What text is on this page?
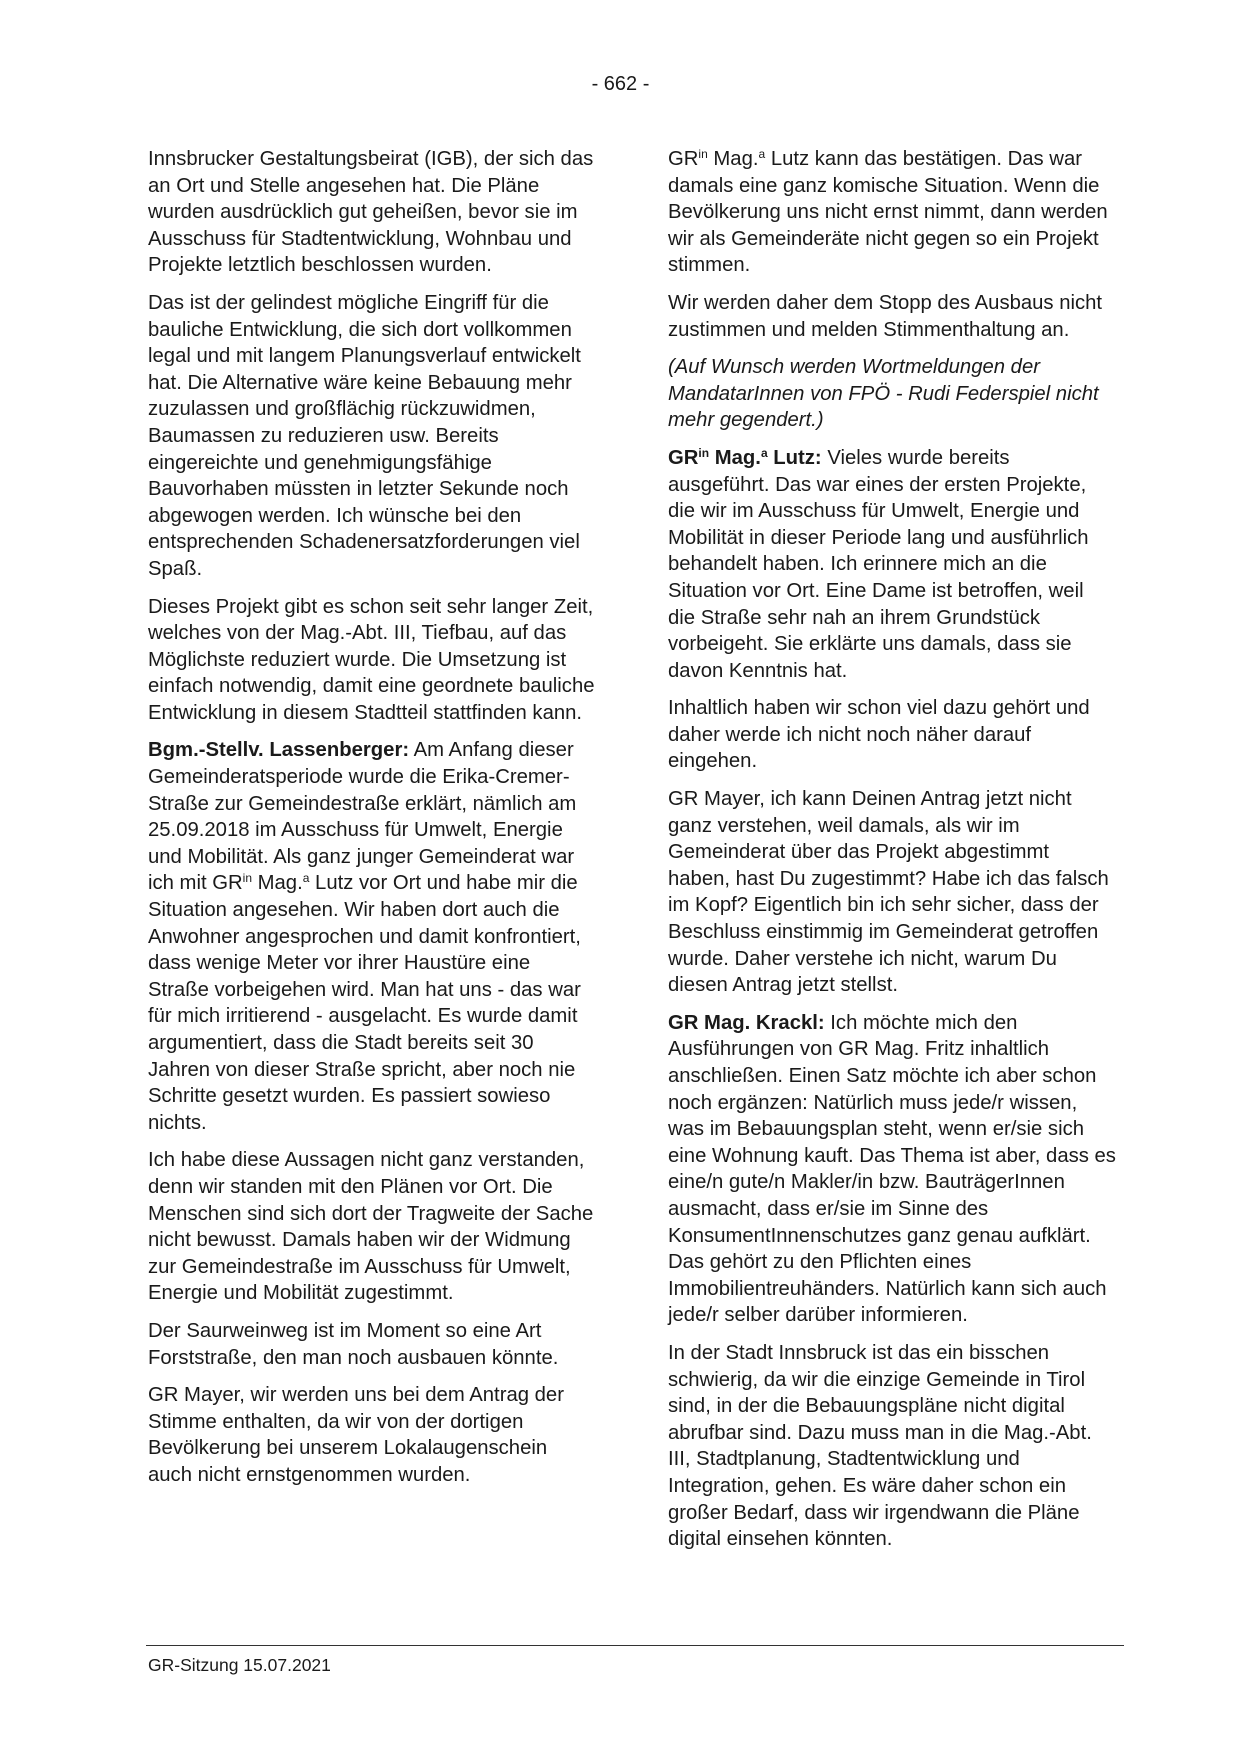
- 662 -

Innsbrucker Gestaltungsbeirat (IGB), der sich das an Ort und Stelle angesehen hat. Die Pläne wurden ausdrücklich gut geheißen, bevor sie im Ausschuss für Stadtentwicklung, Wohnbau und Projekte letztlich beschlossen wurden.

Das ist der gelindest mögliche Eingriff für die bauliche Entwicklung, die sich dort vollkommen legal und mit langem Planungsverlauf entwickelt hat. Die Alternative wäre keine Bebauung mehr zuzulassen und großflächig rückzuwidmen, Baumassen zu reduzieren usw. Bereits eingereichte und genehmigungsfähige Bauvorhaben müssten in letzter Sekunde noch abgewogen werden. Ich wünsche bei den entsprechenden Schadenersatzforderungen viel Spaß.

Dieses Projekt gibt es schon seit sehr langer Zeit, welches von der Mag.-Abt. III, Tiefbau, auf das Möglichste reduziert wurde. Die Umsetzung ist einfach notwendig, damit eine geordnete bauliche Entwicklung in diesem Stadtteil stattfinden kann.

Bgm.-Stellv. Lassenberger: Am Anfang dieser Gemeinderatsperiode wurde die Erika-Cremer-Straße zur Gemeindestraße erklärt, nämlich am 25.09.2018 im Ausschuss für Umwelt, Energie und Mobilität. Als ganz junger Gemeinderat war ich mit $GR^{in}$ Mag.$^a$ Lutz vor Ort und habe mir die Situation angesehen. Wir haben dort auch die Anwohner angesprochen und damit konfrontiert, dass wenige Meter vor ihrer Haustüre eine Straße vorbeigehen wird. Man hat uns - das war für mich irritierend - ausgelacht. Es wurde damit argumentiert, dass die Stadt bereits seit 30 Jahren von dieser Straße spricht, aber noch nie Schritte gesetzt wurden. Es passiert sowieso nichts.

Ich habe diese Aussagen nicht ganz verstanden, denn wir standen mit den Plänen vor Ort. Die Menschen sind sich dort der Tragweite der Sache nicht bewusst. Damals haben wir der Widmung zur Gemeindestraße im Ausschuss für Umwelt, Energie und Mobilität zugestimmt.

Der Saurweinweg ist im Moment so eine Art Forststraße, den man noch ausbauen könnte.

GR Mayer, wir werden uns bei dem Antrag der Stimme enthalten, da wir von der dortigen Bevölkerung bei unserem Lokalaugenschein auch nicht ernstgenommen wurden.

$GR^{in}$ Mag.$^a$ Lutz kann das bestätigen. Das war damals eine ganz komische Situation. Wenn die Bevölkerung uns nicht ernst nimmt, dann werden wir als Gemeinderäte nicht gegen so ein Projekt stimmen.

Wir werden daher dem Stopp des Ausbaus nicht zustimmen und melden Stimmenthaltung an.

(Auf Wunsch werden Wortmeldungen der MandatarInnen von FPÖ - Rudi Federspiel nicht mehr gegendert.)

$GR^{in}$ Mag.$^a$ Lutz: Vieles wurde bereits ausgeführt. Das war eines der ersten Projekte, die wir im Ausschuss für Umwelt, Energie und Mobilität in dieser Periode lang und ausführlich behandelt haben. Ich erinnere mich an die Situation vor Ort. Eine Dame ist betroffen, weil die Straße sehr nah an ihrem Grundstück vorbeigeht. Sie erklärte uns damals, dass sie davon Kenntnis hat.

Inhaltlich haben wir schon viel dazu gehört und daher werde ich nicht noch näher darauf eingehen.

GR Mayer, ich kann Deinen Antrag jetzt nicht ganz verstehen, weil damals, als wir im Gemeinderat über das Projekt abgestimmt haben, hast Du zugestimmt? Habe ich das falsch im Kopf? Eigentlich bin ich sehr sicher, dass der Beschluss einstimmig im Gemeinderat getroffen wurde. Daher verstehe ich nicht, warum Du diesen Antrag jetzt stellst.

GR Mag. Krackl: Ich möchte mich den Ausführungen von GR Mag. Fritz inhaltlich anschließen. Einen Satz möchte ich aber schon noch ergänzen: Natürlich muss jede/r wissen, was im Bebauungsplan steht, wenn er/sie sich eine Wohnung kauft. Das Thema ist aber, dass es eine/n gute/n Makler/in bzw. BauträgerInnen ausmacht, dass er/sie im Sinne des KonsumentInnenschutzes ganz genau aufklärt. Das gehört zu den Pflichten eines Immobilientreuhänders. Natürlich kann sich auch jede/r selber darüber informieren.

In der Stadt Innsbruck ist das ein bisschen schwierig, da wir die einzige Gemeinde in Tirol sind, in der die Bebauungspläne nicht digital abrufbar sind. Dazu muss man in die Mag.-Abt. III, Stadtplanung, Stadtentwicklung und Integration, gehen. Es wäre daher schon ein großer Bedarf, dass wir irgendwann die Pläne digital einsehen könnten.

GR-Sitzung 15.07.2021
